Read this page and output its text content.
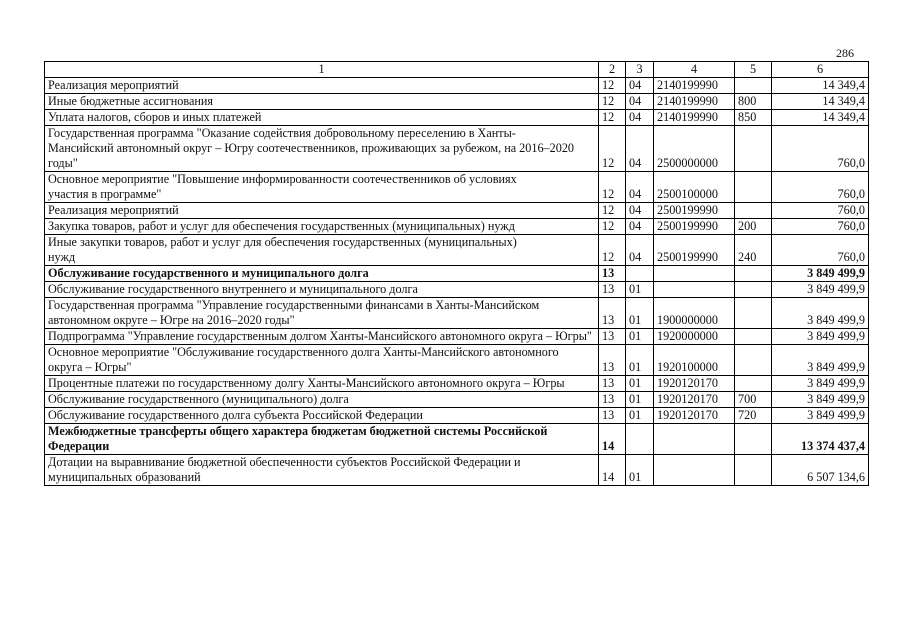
286
1	2	3	4	5	6

Реализация мероприятий	12	04	2140199990		14 349,4

Иные бюджетные ассигнования	12	04	2140199990	800	14 349,4

Уплата налогов, сборов и иных платежей	12	04	2140199990	850	14 349,4

Государственная программа "Оказание содействия добровольному переселению в Ханты-Мансийский автономный округ – Югру соотечественников, проживающих за рубежом, на 2016–2020 годы"	12	04	2500000000		760,0

Основное мероприятие "Повышение информированности соотечественников об условиях участия в программе"	12	04	2500100000		760,0

Реализация мероприятий	12	04	2500199990		760,0

Закупка товаров, работ и услуг для обеспечения государственных (муниципальных) нужд	12	04	2500199990	200	760,0

Иные закупки товаров, работ и услуг для обеспечения государственных (муниципальных) нужд	12	04	2500199990	240	760,0

Обслуживание государственного и муниципального долга	13				3 849 499,9

Обслуживание государственного внутреннего и муниципального долга	13	01			3 849 499,9

Государственная программа "Управление государственными финансами в Ханты-Мансийском автономном округе – Югре на 2016–2020 годы"	13	01	1900000000		3 849 499,9

Подпрограмма "Управление государственным долгом Ханты-Мансийского автономного округа – Югры"	13	01	1920000000		3 849 499,9

Основное мероприятие "Обслуживание государственного долга Ханты-Мансийского автономного округа – Югры"	13	01	1920100000		3 849 499,9

Процентные платежи по государственному долгу Ханты-Мансийского автономного округа – Югры	13	01	1920120170		3 849 499,9

Обслуживание государственного (муниципального) долга	13	01	1920120170	700	3 849 499,9

Обслуживание государственного долга субъекта Российской Федерации	13	01	1920120170	720	3 849 499,9

Межбюджетные трансферты общего характера бюджетам бюджетной системы Российской Федерации	14				13 374 437,4

Дотации на выравнивание бюджетной обеспеченности субъектов Российской Федерации и муниципальных образований	14	01			6 507 134,6
